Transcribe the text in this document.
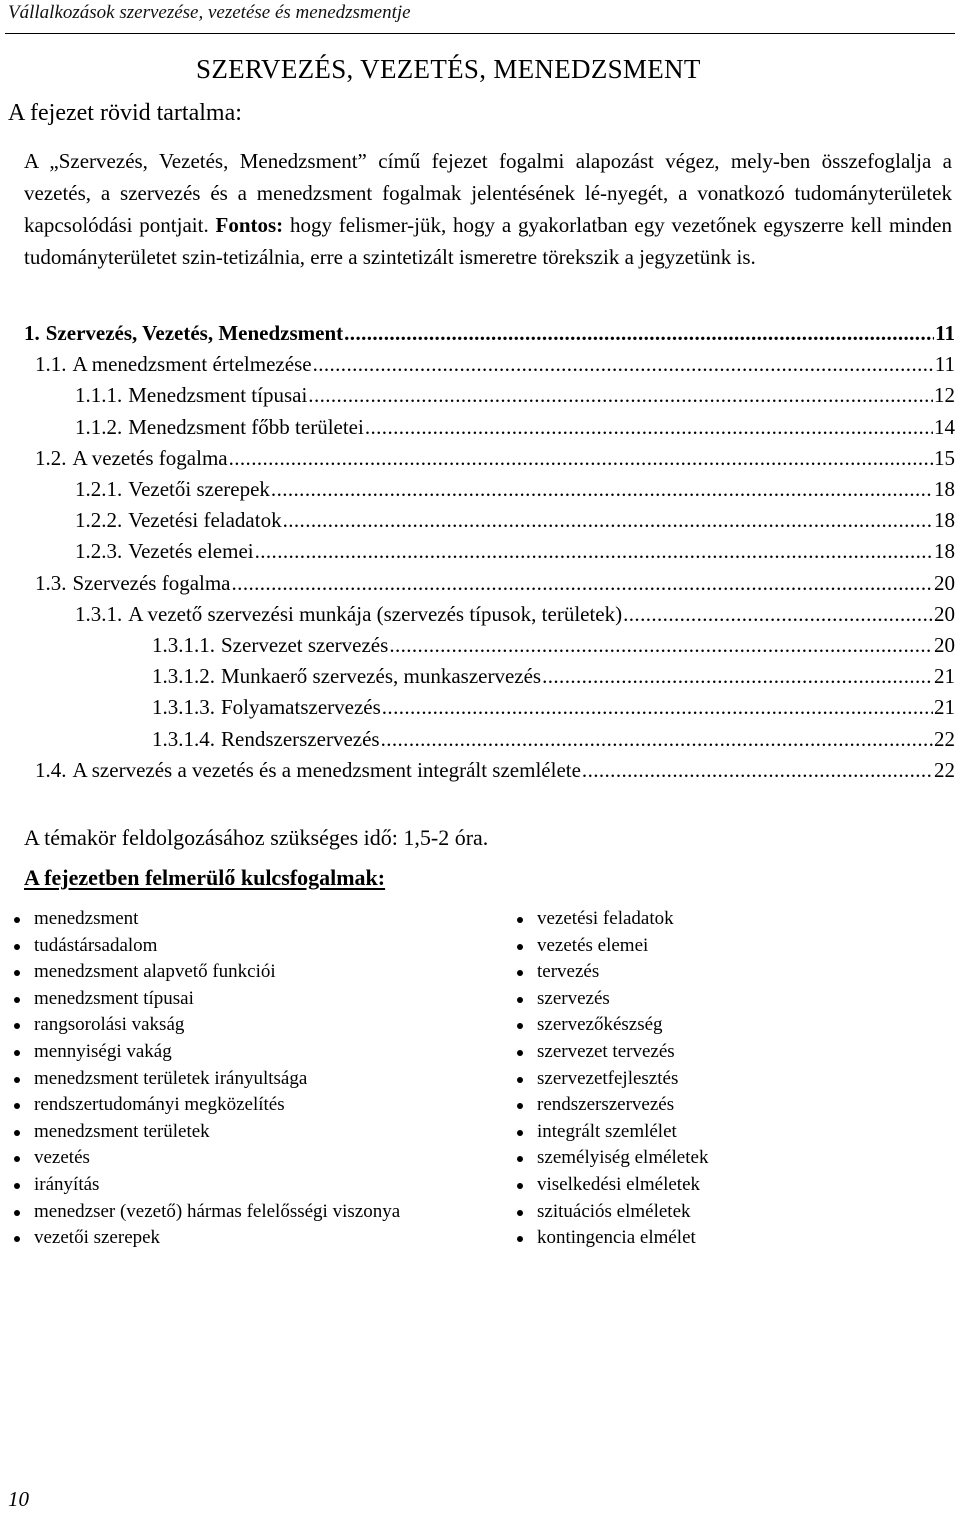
Vállalkozások szervezése, vezetése és menedzsmentje
SZERVEZÉS, VEZETÉS, MENEDZSMENT
A fejezet rövid tartalma:

A „Szervezés, Vezetés, Menedzsment” című fejezet fogalmi alapozást végez, mely-ben összefoglalja a vezetés, a szervezés és a menedzsment fogalmak jelentésének lé-nyegét, a vonatkozó tudományterületek kapcsolódási pontjait. Fontos: hogy felismer-jük, hogy a gyakorlatban egy vezetőnek egyszerre kell minden tudományterületet szin-tetizálnia, erre a szintetizált ismeretre törekszik a jegyzetünk is.

1. Szervezés, Vezetés, Menedzsment .....	11
1.1. A menedzsment értelmezése .....	11
1.1.1. Menedzsment típusai .....	12
1.1.2. Menedzsment főbb területei .....	14
1.2. A vezetés fogalma .....	15
1.2.1. Vezetői szerepek .....	18
1.2.2. Vezetési feladatok .....	18
1.2.3. Vezetés elemei .....	18
1.3. Szervezés fogalma .....	20
1.3.1. A vezető szervezési munkája (szervezés típusok, területek) .....	20
1.3.1.1. Szervezet szervezés .....	20
1.3.1.2. Munkaerő szervezés, munkaszervezés .....	21
1.3.1.3. Folyamatszervezés .....	21
1.3.1.4. Rendszerszervezés .....	22
1.4. A szervezés a vezetés és a menedzsment integrált szemlélete .....	22
A témakör feldolgozásához szükséges idő: 1,5-2 óra.
A fejezetben felmerülő kulcsfogalmak:
menedzsment
tudástársadalom
menedzsment alapvető funkciói
menedzsment típusai
rangsorolási vakság
mennyiségi vakág
menedzsment területek irányultsága
rendszertudományi megközelítés
menedzsment területek
vezetés
irányítás
menedzser (vezető) hármas felelősségi viszonya
vezetői szerepek
vezetési feladatok
vezetés elemei
tervezés
szervezés
szervezőkészség
szervezet tervezés
szervezetfejlesztés
rendszerszervezés
integrált szemlélet
személyiség elméletek
viselkedési elméletek
szituációs elméletek
kontingencia elmélet
10
